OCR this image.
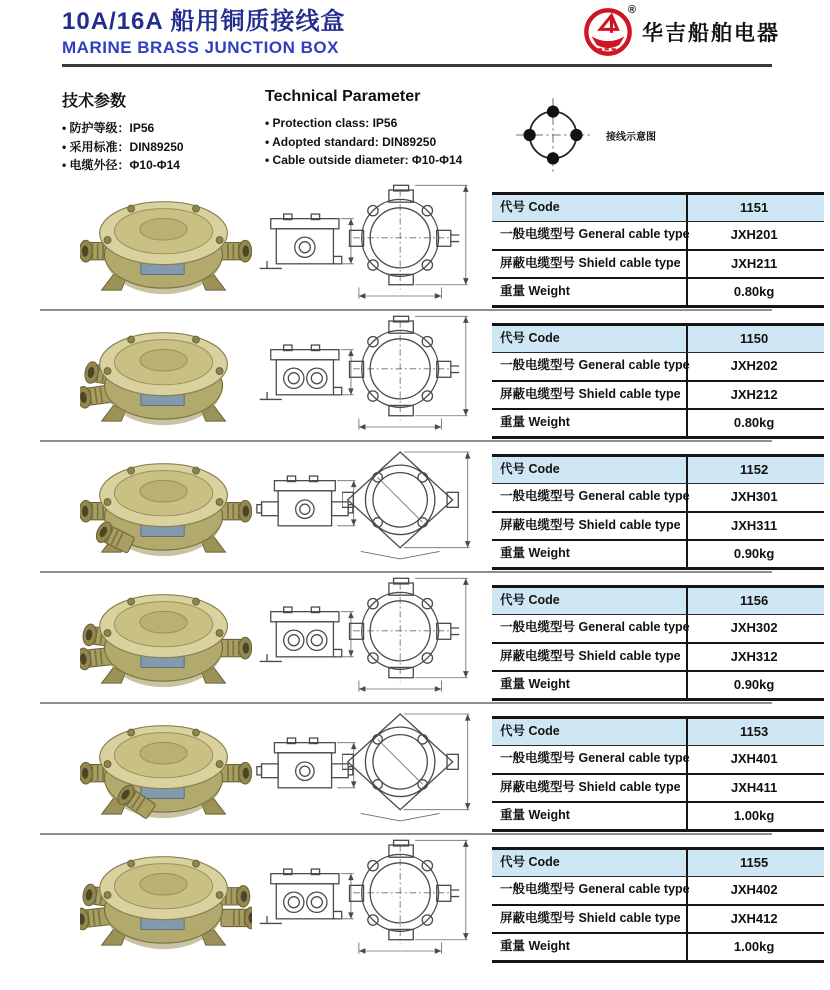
10A/16A 船用铜质接线盒
MARINE BRASS JUNCTION BOX
®
华吉船舶电器
技术参数
• 防护等级：IP56
• 采用标准：DIN89250
• 电缆外径：Φ10-Φ14
Technical Parameter
• Protection class: IP56
• Adopted standard: DIN89250
• Cable outside diameter: Φ10-Φ14
接线示意图
代号 Code	1151
一般电缆型号 General cable type	JXH201
屏蔽电缆型号 Shield cable type	JXH211
重量 Weight	0.80kg
代号 Code	1150
一般电缆型号 General cable type	JXH202
屏蔽电缆型号 Shield cable type	JXH212
重量 Weight	0.80kg
代号 Code	1152
一般电缆型号 General cable type	JXH301
屏蔽电缆型号 Shield cable type	JXH311
重量 Weight	0.90kg
代号 Code	1156
一般电缆型号 General cable type	JXH302
屏蔽电缆型号 Shield cable type	JXH312
重量 Weight	0.90kg
代号 Code	1153
一般电缆型号 General cable type	JXH401
屏蔽电缆型号 Shield cable type	JXH411
重量 Weight	1.00kg
代号 Code	1155
一般电缆型号 General cable type	JXH402
屏蔽电缆型号 Shield cable type	JXH412
重量 Weight	1.00kg
